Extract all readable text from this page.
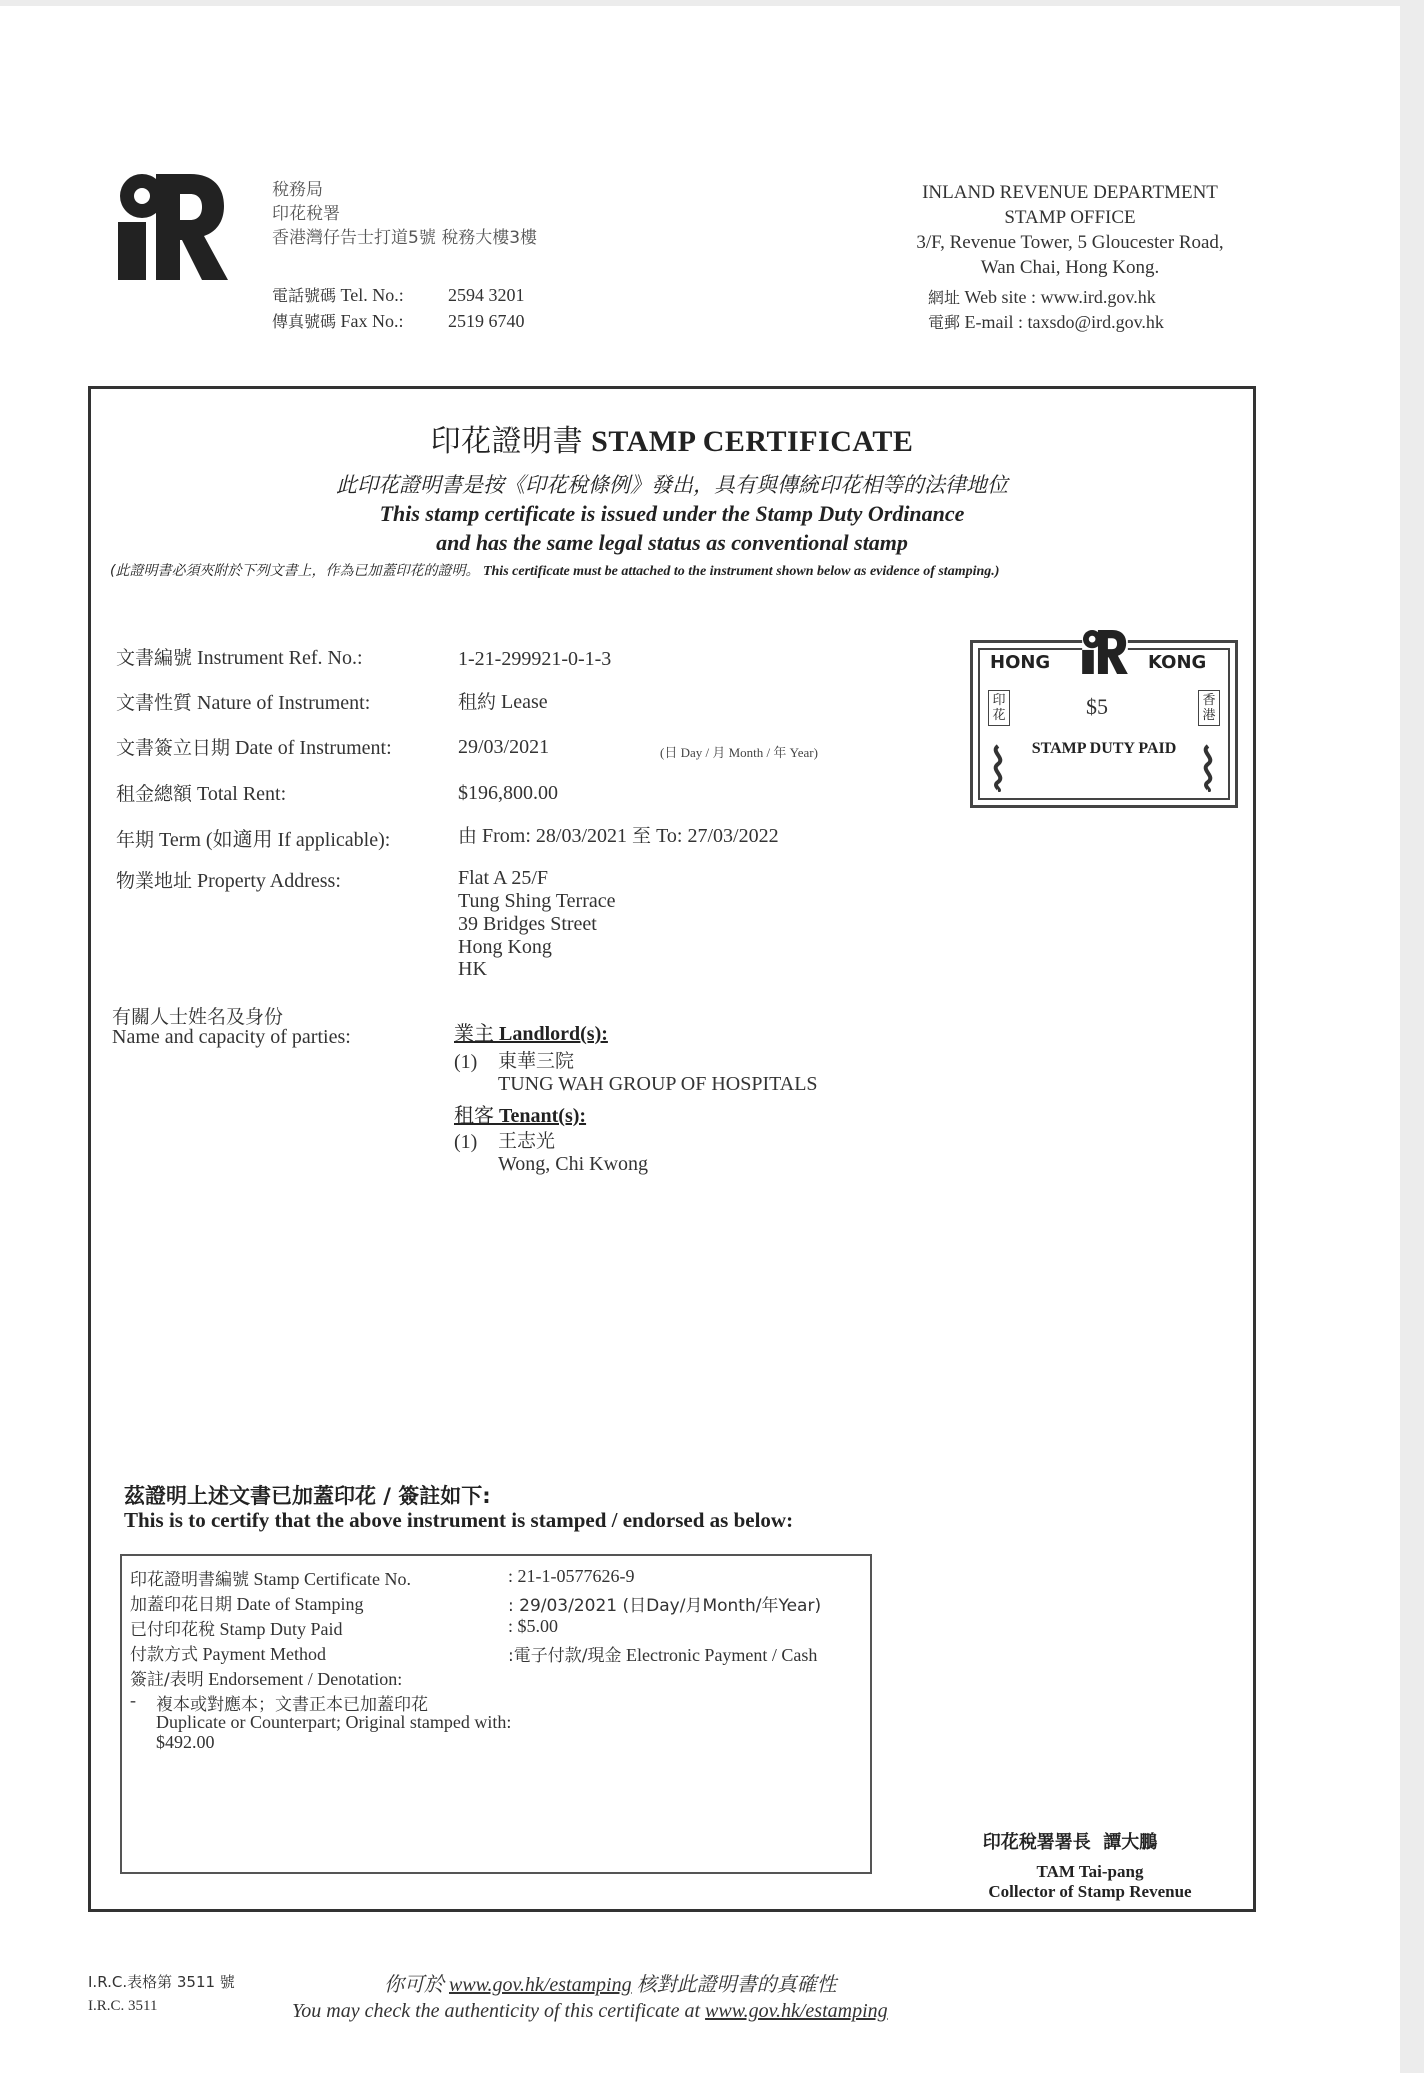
稅務局
印花稅署
香港灣仔告士打道5號 稅務大樓3樓
電話號碼 Tel. No.: 2594 3201
傳真號碼 Fax No.: 2519 6740
INLAND REVENUE DEPARTMENT
STAMP OFFICE
3/F, Revenue Tower, 5 Gloucester Road,
Wan Chai, Hong Kong.
網址 Web site : www.ird.gov.hk
電郵 E-mail : taxsdo@ird.gov.hk
印花證明書 STAMP CERTIFICATE
此印花證明書是按《印花稅條例》發出，具有與傳統印花相等的法律地位
This stamp certificate is issued under the Stamp Duty Ordinance
and has the same legal status as conventional stamp
(此證明書必須夾附於下列文書上，作為已加蓋印花的證明。 This certificate must be attached to the instrument shown below as evidence of stamping.)
文書編號 Instrument Ref. No.:	1-21-299921-0-1-3
文書性質 Nature of Instrument:	租約 Lease
文書簽立日期 Date of Instrument:	29/03/2021	(日 Day / 月 Month / 年 Year)
租金總額 Total Rent:	$196,800.00
年期 Term (如適用 If applicable):	由 From: 28/03/2021 至 To: 27/03/2022
物業地址 Property Address:	Flat A 25/F
Tung Shing Terrace
39 Bridges Street
Hong Kong
HK
有關人士姓名及身份
Name and capacity of parties:	業主 Landlord(s):
(1) 東華三院
TUNG WAH GROUP OF HOSPITALS
租客 Tenant(s):
(1) 王志光
Wong, Chi Kwong
HONG	KONG
$5
印花
香港
STAMP DUTY PAID
茲證明上述文書已加蓋印花 / 簽註如下:
This is to certify that the above instrument is stamped / endorsed as below:
印花證明書編號 Stamp Certificate No.	: 21-1-0577626-9
加蓋印花日期 Date of Stamping	: 29/03/2021 (日Day/月Month/年Year)
已付印花稅 Stamp Duty Paid	: $5.00
付款方式 Payment Method	:電子付款/現金 Electronic Payment / Cash
簽註/表明 Endorsement / Denotation:
- 複本或對應本；文書正本已加蓋印花
Duplicate or Counterpart; Original stamped with:
$492.00
印花稅署署長 譚大鵬
TAM Tai-pang
Collector of Stamp Revenue
I.R.C.表格第 3511 號
I.R.C. 3511
你可於 www.gov.hk/estamping 核對此證明書的真確性
You may check the authenticity of this certificate at www.gov.hk/estamping
